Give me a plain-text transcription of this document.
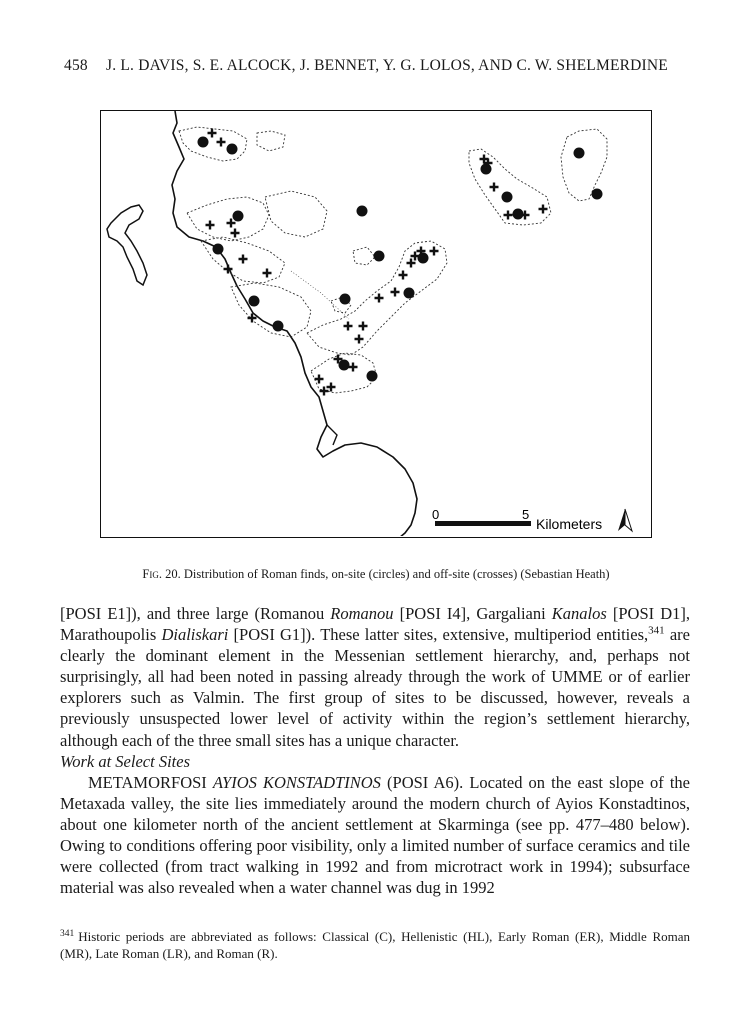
458 J. L. DAVIS, S. E. ALCOCK, J. BENNET, Y. G. LOLOS, AND C. W. SHELMERDINE
0	5
Kilometers
Fig. 20. Distribution of Roman finds, on-site (circles) and off-site (crosses) (Sebastian Heath)

[POSI E1]), and three large (Romanou Romanou [POSI I4], Gargaliani Kanalos [POSI D1], Marathoupolis Dialiskari [POSI G1]). These latter sites, extensive, multiperiod entities,$^{341}$ are clearly the dominant element in the Messenian settlement hierarchy, and, perhaps not surprisingly, all had been noted in passing already through the work of UMME or of earlier explorers such as Valmin. The first group of sites to be discussed, however, reveals a previously unsuspected lower level of activity within the region’s settlement hierarchy, although each of the three small sites has a unique character.

Work at Select Sites

METAMORFOSI AYIOS KONSTADTINOS (POSI A6). Located on the east slope of the Metaxada valley, the site lies immediately around the modern church of Ayios Konstadtinos, about one kilometer north of the ancient settlement at Skarminga (see pp. 477–480 below). Owing to conditions offering poor visibility, only a limited number of surface ceramics and tile were collected (from tract walking in 1992 and from microtract work in 1994); subsurface material was also revealed when a water channel was dug in 1992

$^{341}$ Historic periods are abbreviated as follows: Classical (C), Hellenistic (HL), Early Roman (ER), Middle Roman (MR), Late Roman (LR), and Roman (R).
